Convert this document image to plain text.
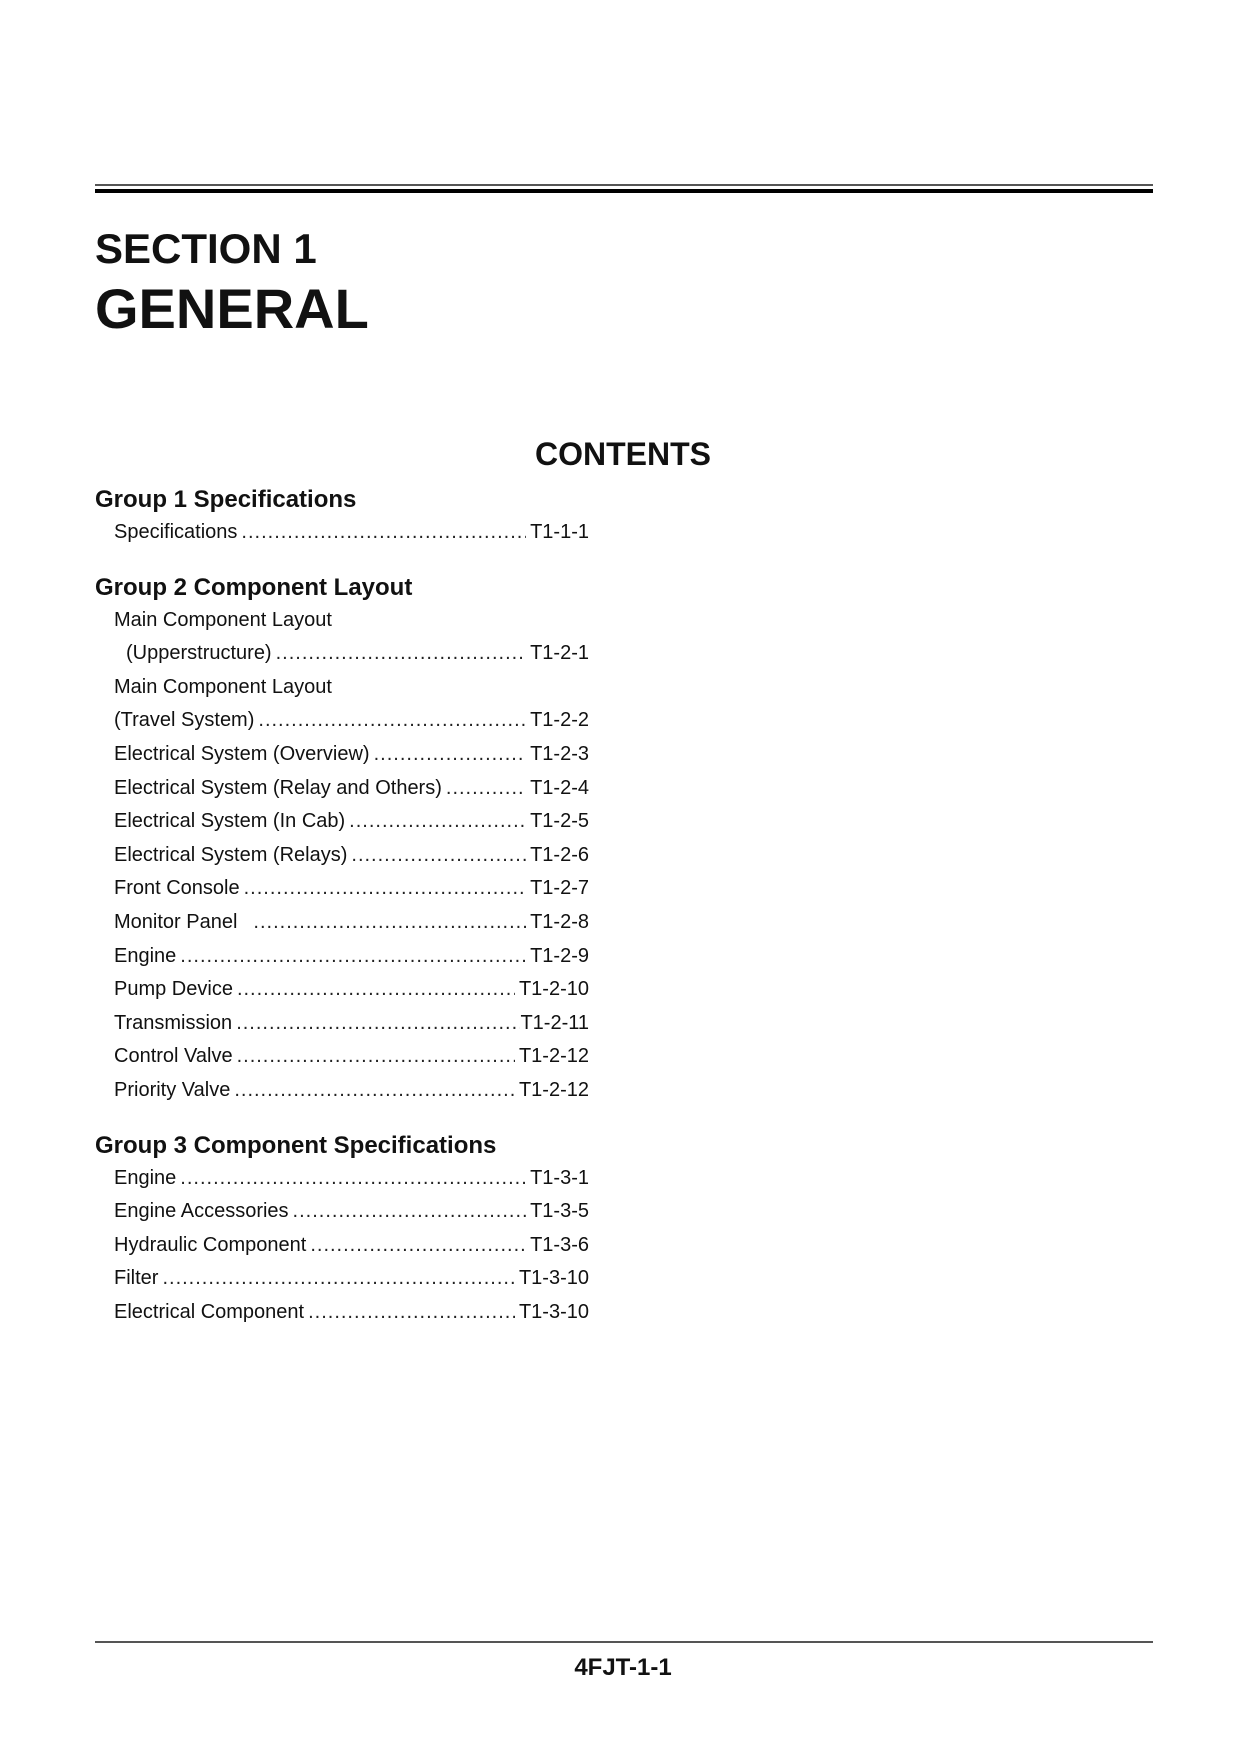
SECTION 1
GENERAL
CONTENTS
Group 1 Specifications
Specifications .....	T1-1-1
Group 2 Component Layout
Main Component Layout
(Upperstructure) .....	T1-2-1
Main Component Layout
(Travel System) .....	T1-2-2
Electrical System (Overview) .....	T1-2-3
Electrical System (Relay and Others) .....	T1-2-4
Electrical System (In Cab) .....	T1-2-5
Electrical System (Relays) .....	T1-2-6
Front Console .....	T1-2-7
Monitor Panel .....	T1-2-8
Engine .....	T1-2-9
Pump Device .....	T1-2-10
Transmission .....	T1-2-11
Control Valve .....	T1-2-12
Priority Valve .....	T1-2-12
Group 3 Component Specifications
Engine .....	T1-3-1
Engine Accessories .....	T1-3-5
Hydraulic Component .....	T1-3-6
Filter .....	T1-3-10
Electrical Component .....	T1-3-10
4FJT-1-1
